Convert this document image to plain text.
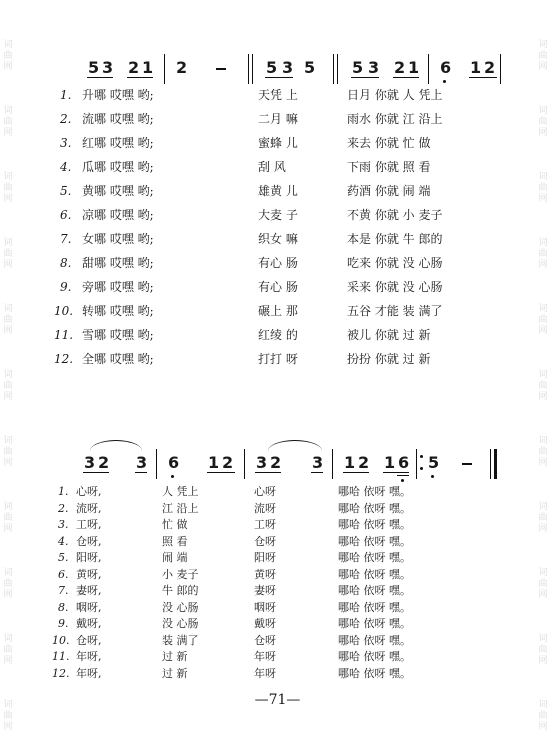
词曲网
词曲网
词曲网
词曲网
词曲网
词曲网
词曲网
词曲网
词曲网
词曲网
词曲网
词曲网
词曲网
词曲网
词曲网
词曲网
词曲网
词曲网
词曲网
词曲网
词曲网
词曲网
5 3 2 1 2	5 3 5 5 3 2 1 6 1 2
1. 升哪 哎嘿 哟;	天凭 上	日月 你就 人 凭上
2. 流哪 哎嘿 哟;	二月 嘛	雨水 你就 江 沿上
3. 红哪 哎嘿 哟;	蜜蜂 儿	来去 你就 忙 做
4. 瓜哪 哎嘿 哟;	刮 风	下雨 你就 照 看
5. 黄哪 哎嘿 哟;	雄黄 儿	药酒 你就 闹 端
6. 凉哪 哎嘿 哟;	大麦 子	不黄 你就 小 麦子
7. 女哪 哎嘿 哟;	织女 嘛	本是 你就 牛 郎的
8. 甜哪 哎嘿 哟;	有心 肠	吃来 你就 没 心肠
9. 旁哪 哎嘿 哟;	有心 肠	采来 你就 没 心肠
10. 转哪 哎嘿 哟;	碾上 那	五谷 才能 装 满了
11. 雪哪 哎嘿 哟;	红绫 的	被儿 你就 过 新
12. 全哪 哎嘿 哟;	打打 呀	扮扮 你就 过 新
3 2 3 6 1 2 3 2 3 1 2 1 6 5
1. 心呀,	人 凭上	心呀	哪哈 依呀 嘿。
2. 流呀,	江 沿上	流呀	哪哈 依呀 嘿。
3. 工呀,	忙 做	工呀	哪哈 依呀 嘿。
4. 仓呀,	照 看	仓呀	哪哈 依呀 嘿。
5. 阳呀,	闹 端	阳呀	哪哈 依呀 嘿。
6. 黄呀,	小 麦子	黄呀	哪哈 依呀 嘿。
7. 妻呀,	牛 郎的	妻呀	哪哈 依呀 嘿。
8. 咽呀,	没 心肠	咽呀	哪哈 依呀 嘿。
9. 戴呀,	没 心肠	戴呀	哪哈 依呀 嘿。
10. 仓呀,	装 满了	仓呀	哪哈 依呀 嘿。
11. 年呀,	过 新	年呀	哪哈 依呀 嘿。
12. 年呀,	过 新	年呀	哪哈 依呀 嘿。
—71—
